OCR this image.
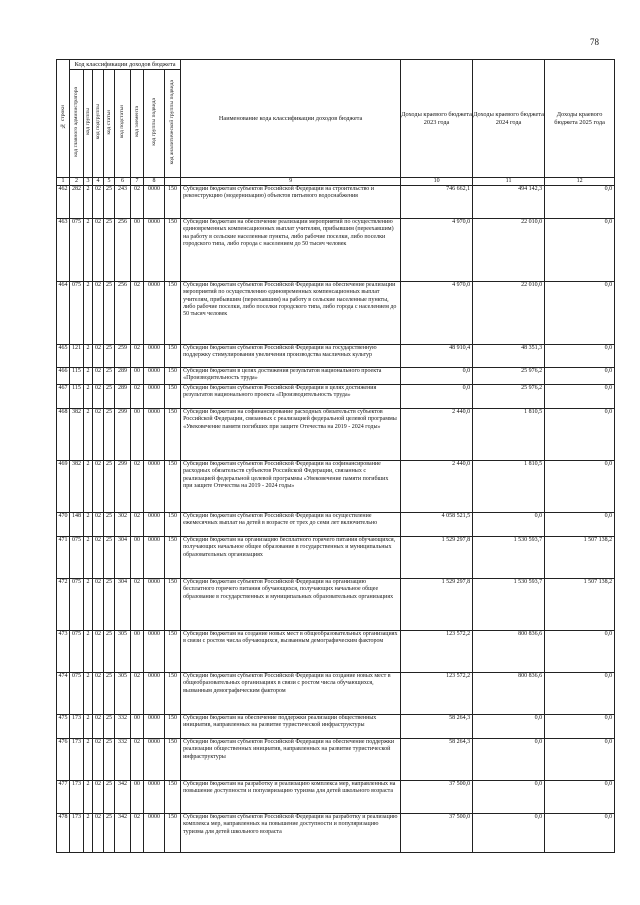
78
№ строки	Код классификации доходов бюджета								Наименование кода классификации доходов бюджета	Доходы краевого бюджета 2023 года	Доходы краевого бюджета 2024 года	Доходы краевого бюджета 2025 года
	код главного администратора	код группы	код подгруппы	код статьи	код подстатьи	код элемента	код группы подвида	код аналитической группы подвида				
1	2	3	4	5	6	7	8		9	10	11	12
462	282	2	02	25	243	02	0000	150	Субсидии бюджетам субъектов Российской Федерации на строительство и реконструкцию (модернизацию) объектов питьевого водоснабжения	746 662,1	494 142,3	0,0
463	075	2	02	25	256	00	0000	150	Субсидии бюджетам на обеспечение реализации мероприятий по осуществлению единовременных компенсационных выплат учителям, прибывшим (переехавшим) на работу в сельские населенные пункты, либо рабочие поселки, либо поселки городского типа, либо города с населением до 50 тысяч человек	4 970,0	22 010,0	0,0
464	075	2	02	25	256	02	0000	150	Субсидии бюджетам субъектов Российской Федерации на обеспечение реализации мероприятий по осуществлению единовременных компенсационных выплат учителям, прибывшим (переехавшим) на работу в сельские населенные пункты, либо рабочие поселки, либо поселки городского типа, либо города с населением до 50 тысяч человек	4 970,0	22 010,0	0,0
465	121	2	02	25	259	02	0000	150	Субсидии бюджетам субъектов Российской Федерации на государственную поддержку стимулирования увеличения производства масличных культур	48 910,4	48 351,3	0,0
466	115	2	02	25	289	00	0000	150	Субсидии бюджетам в целях достижения результатов национального проекта «Производительность труда»	0,0	25 976,2	0,0
467	115	2	02	25	289	02	0000	150	Субсидии бюджетам субъектов Российской Федерации в целях достижения результатов национального проекта «Производительность труда»	0,0	25 976,2	0,0
468	382	2	02	25	299	00	0000	150	Субсидии бюджетам на софинансирование расходных обязательств субъектов Российской Федерации, связанных с реализацией федеральной целевой программы «Увековечение памяти погибших при защите Отечества на 2019 - 2024 годы»	2 440,0	1 810,5	0,0
469	382	2	02	25	299	02	0000	150	Субсидии бюджетам субъектов Российской Федерации на софинансирование расходных обязательств субъектов Российской Федерации, связанных с реализацией федеральной целевой программы «Увековечение памяти погибших при защите Отечества на 2019 - 2024 годы»	2 440,0	1 810,5	0,0
470	148	2	02	25	302	02	0000	150	Субсидии бюджетам субъектов Российской Федерации на осуществление ежемесячных выплат на детей в возрасте от трех до семи лет включительно	4 058 521,5	0,0	0,0
471	075	2	02	25	304	00	0000	150	Субсидии бюджетам на организацию бесплатного горячего питания обучающихся, получающих начальное общее образование в государственных и муниципальных образовательных организациях	1 529 297,8	1 530 593,7	1 507 138,2
472	075	2	02	25	304	02	0000	150	Субсидии бюджетам субъектов Российской Федерации на организацию бесплатного горячего питания обучающихся, получающих начальное общее образование в государственных и муниципальных образовательных организациях	1 529 297,8	1 530 593,7	1 507 138,2
473	075	2	02	25	305	00	0000	150	Субсидии бюджетам на создание новых мест в общеобразовательных организациях в связи с ростом числа обучающихся, вызванным демографическим фактором	123 572,2	800 836,6	0,0
474	075	2	02	25	305	02	0000	150	Субсидии бюджетам субъектов Российской Федерации на создание новых мест в общеобразовательных организациях в связи с ростом числа обучающихся, вызванным демографическим фактором	123 572,2	800 836,6	0,0
475	173	2	02	25	332	00	0000	150	Субсидии бюджетам на обеспечение поддержки реализации общественных инициатив, направленных на развитие туристической инфраструктуры	58 264,3	0,0	0,0
476	173	2	02	25	332	02	0000	150	Субсидии бюджетам субъектов Российской Федерации на обеспечение поддержки реализации общественных инициатив, направленных на развитие туристической инфраструктуры	58 264,3	0,0	0,0
477	173	2	02	25	342	00	0000	150	Субсидии бюджетам на разработку и реализацию комплекса мер, направленных на повышение доступности и популяризацию туризма для детей школьного возраста	37 500,0	0,0	0,0
478	173	2	02	25	342	02	0000	150	Субсидии бюджетам субъектов Российской Федерации на разработку и реализацию комплекса мер, направленных на повышение доступности и популяризацию туризма для детей школьного возраста	37 500,0	0,0	0,0
